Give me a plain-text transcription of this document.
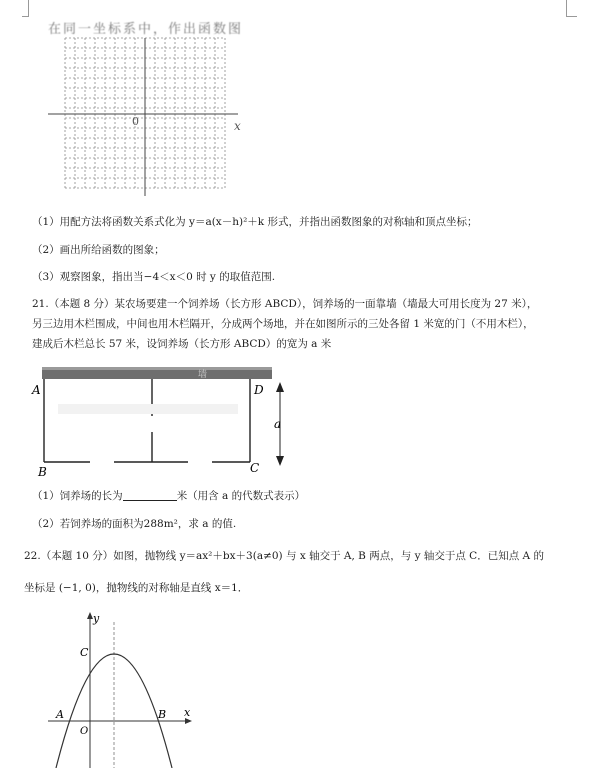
在同一坐标系中，作出函数图
x
0
（1）用配方法将函数关系式化为 y＝a(x－h)²＋k 形式，并指出函数图象的对称轴和顶点坐标；
（2）画出所给函数的图象；
（3）观察图象，指出当−4＜x＜0 时 y 的取值范围.
21.（本题 8 分）某农场要建一个饲养场（长方形 ABCD），饲养场的一面靠墙（墙最大可用长度为 27 米），
另三边用木栏围成，中间也用木栏隔开，分成两个场地，并在如图所示的三处各留 1 米宽的门（不用木栏），
建成后木栏总长 57 米，设饲养场（长方形 ABCD）的宽为 a 米
墙
A	D
B	C
a
（1）饲养场的长为	米（用含 a 的代数式表示）
（2）若饲养场的面积为288m²，求 a 的值.
22.（本题 10 分）如图，抛物线 y＝ax²＋bx＋3(a≠0) 与 x 轴交于 A, B 两点，与 y 轴交于点 C．已知点 A 的
坐标是 (−1, 0)，抛物线的对称轴是直线 x＝1．
y
x
C
A	B
O
